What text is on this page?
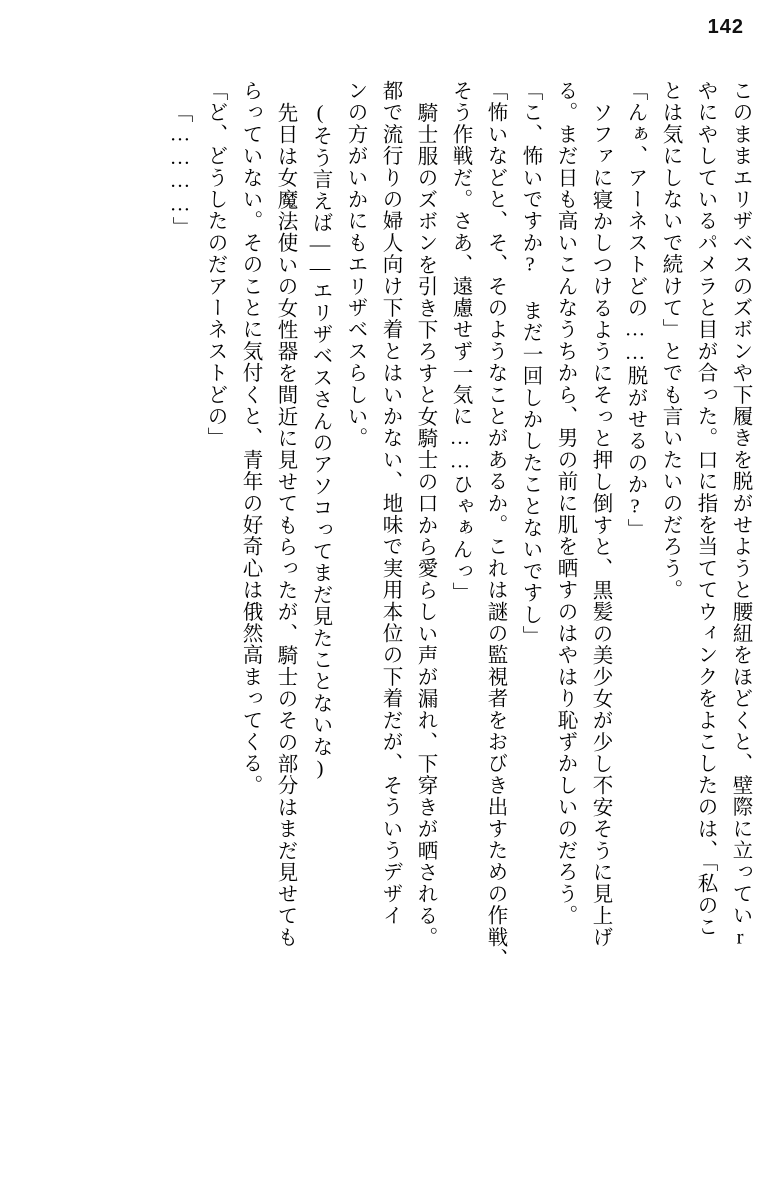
142
このままエリザベスのズボンや下履きを脱がせようと腰紐をほどくと、壁際に立っていr
やにやしているパメラと目が合った。口に指を当ててウィンクをよこしたのは、「私のこ
とは気にしないで続けて」とでも言いたいのだろう。
「んぁ、アーネストどの……脱がせるのか?」
ソファに寝かしつけるようにそっと押し倒すと、黒髪の美少女が少し不安そうに見上げ
る。まだ日も高いこんなうちから、男の前に肌を晒すのはやはり恥ずかしいのだろう。
「こ、怖いですか? まだ一回しかしたことないですし」
「怖いなどと、そ、そのようなことがあるか。これは謎の監視者をおびき出すための作戦、
そう作戦だ。さあ、遠慮せず一気に……ひゃぁんっ」
騎士服のズボンを引き下ろすと女騎士の口から愛らしい声が漏れ、下穿きが晒される。
都で流行りの婦人向け下着とはいかない、地味で実用本位の下着だが、そういうデザイ
ンの方がいかにもエリザベスらしい。
(そう言えば――エリザベスさんのアソコってまだ見たことないな)
先日は女魔法使いの女性器を間近に見せてもらったが、騎士のその部分はまだ見せても
らっていない。そのことに気付くと、青年の好奇心は俄然高まってくる。
「ど、どうしたのだアーネストどの」
「…………」
